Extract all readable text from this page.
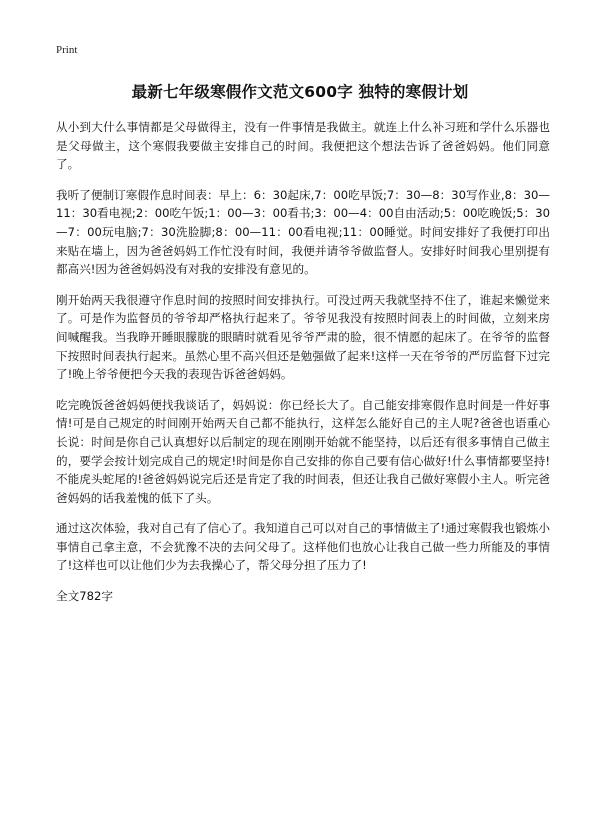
Print
最新七年级寒假作文范文600字 独特的寒假计划

从小到大什么事情都是父母做得主，没有一件事情是我做主。就连上什么补习班和学什么乐器也是父母做主，这个寒假我要做主安排自己的时间。我便把这个想法告诉了爸爸妈妈。他们同意了。

我听了便制订寒假作息时间表：早上：6：30起床,7：00吃早饭;7：30—8：30写作业,8：30—11：30看电视;2：00吃午饭;1：00—3：00看书;3：00—4：00自由活动;5：00吃晚饭;5：30—7：00玩电脑;7：30洗脸脚;8：00—11：00看电视;11：00睡觉。时间安排好了我便打印出来贴在墙上，因为爸爸妈妈工作忙没有时间，我便并请爷爷做监督人。安排好时间我心里别提有都高兴!因为爸爸妈妈没有对我的安排没有意见的。

刚开始两天我很遵守作息时间的按照时间安排执行。可没过两天我就坚持不住了，谁起来懒觉来了。可是作为监督员的爷爷却严格执行起来了。爷爷见我没有按照时间表上的时间做，立刻来房间喊醒我。当我睁开睡眼朦胧的眼睛时就看见爷爷严肃的脸，很不情愿的起床了。在爷爷的监督下按照时间表执行起来。虽然心里不高兴但还是勉强做了起来!这样一天在爷爷的严厉监督下过完了!晚上爷爷便把今天我的表现告诉爸爸妈妈。

吃完晚饭爸爸妈妈便找我谈话了，妈妈说：你已经长大了。自己能安排寒假作息时间是一件好事情!可是自己规定的时间刚开始两天自己都不能执行，这样怎么能好自己的主人呢?爸爸也语重心长说：时间是你自己认真想好以后制定的现在刚刚开始就不能坚持，以后还有很多事情自己做主的，要学会按计划完成自己的规定!时间是你自己安排的你自己要有信心做好!什么事情都要坚持!不能虎头蛇尾的!爸爸妈妈说完后还是肯定了我的时间表，但还让我自己做好寒假小主人。听完爸爸妈妈的话我羞愧的低下了头。

通过这次体验，我对自己有了信心了。我知道自己可以对自己的事情做主了!通过寒假我也锻炼小事情自己拿主意，不会犹豫不决的去问父母了。这样他们也放心让我自己做一些力所能及的事情了!这样也可以让他们少为去我操心了，帮父母分担了压力了!

全文782字
